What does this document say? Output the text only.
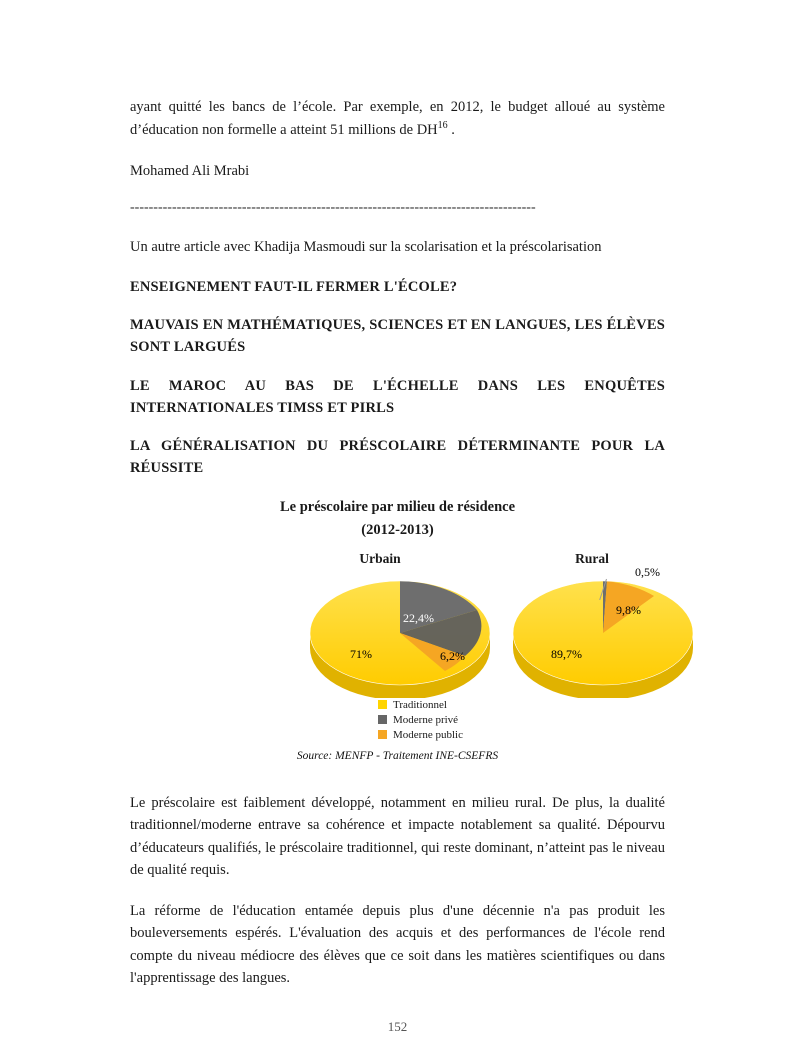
ayant quitté les bancs de l’école. Par exemple, en 2012, le budget alloué au système d’éducation non formelle a atteint 51 millions de DH$^{16}$ .

Mohamed Ali Mrabi

---------------------------------------------------------------------------------------

Un autre article avec Khadija Masmoudi sur la scolarisation et la préscolarisation

ENSEIGNEMENT FAUT-IL FERMER L'ÉCOLE?
MAUVAIS EN MATHÉMATIQUES, SCIENCES ET EN LANGUES, LES ÉLÈVES SONT LARGUÉS
LE MAROC AU BAS DE L'ÉCHELLE DANS LES ENQUÊTES INTERNATIONALES TIMSS ET PIRLS
LA GÉNÉRALISATION DU PRÉSCOLAIRE DÉTERMINANTE POUR LA RÉUSSITE
Le préscolaire par milieu de résidence
(2012-2013)
Urbain	Rural
22,4%
71%	6,2%
9,8%
89,7%
0,5%
Traditionnel
Moderne privé
Moderne public
Source: MENFP - Traitement INE-CSEFRS

Le préscolaire est faiblement développé, notamment en milieu rural. De plus, la dualité traditionnel/moderne entrave sa cohérence et impacte notablement sa qualité. Dépourvu d’éducateurs qualifiés, le préscolaire traditionnel, qui reste dominant, n’atteint pas le niveau de qualité requis.

La réforme de l'éducation entamée depuis plus d'une décennie n'a pas produit les bouleversements espérés. L'évaluation des acquis et des performances de l'école rend compte du niveau médiocre des élèves que ce soit dans les matières scientifiques ou dans l'apprentissage des langues.

152
